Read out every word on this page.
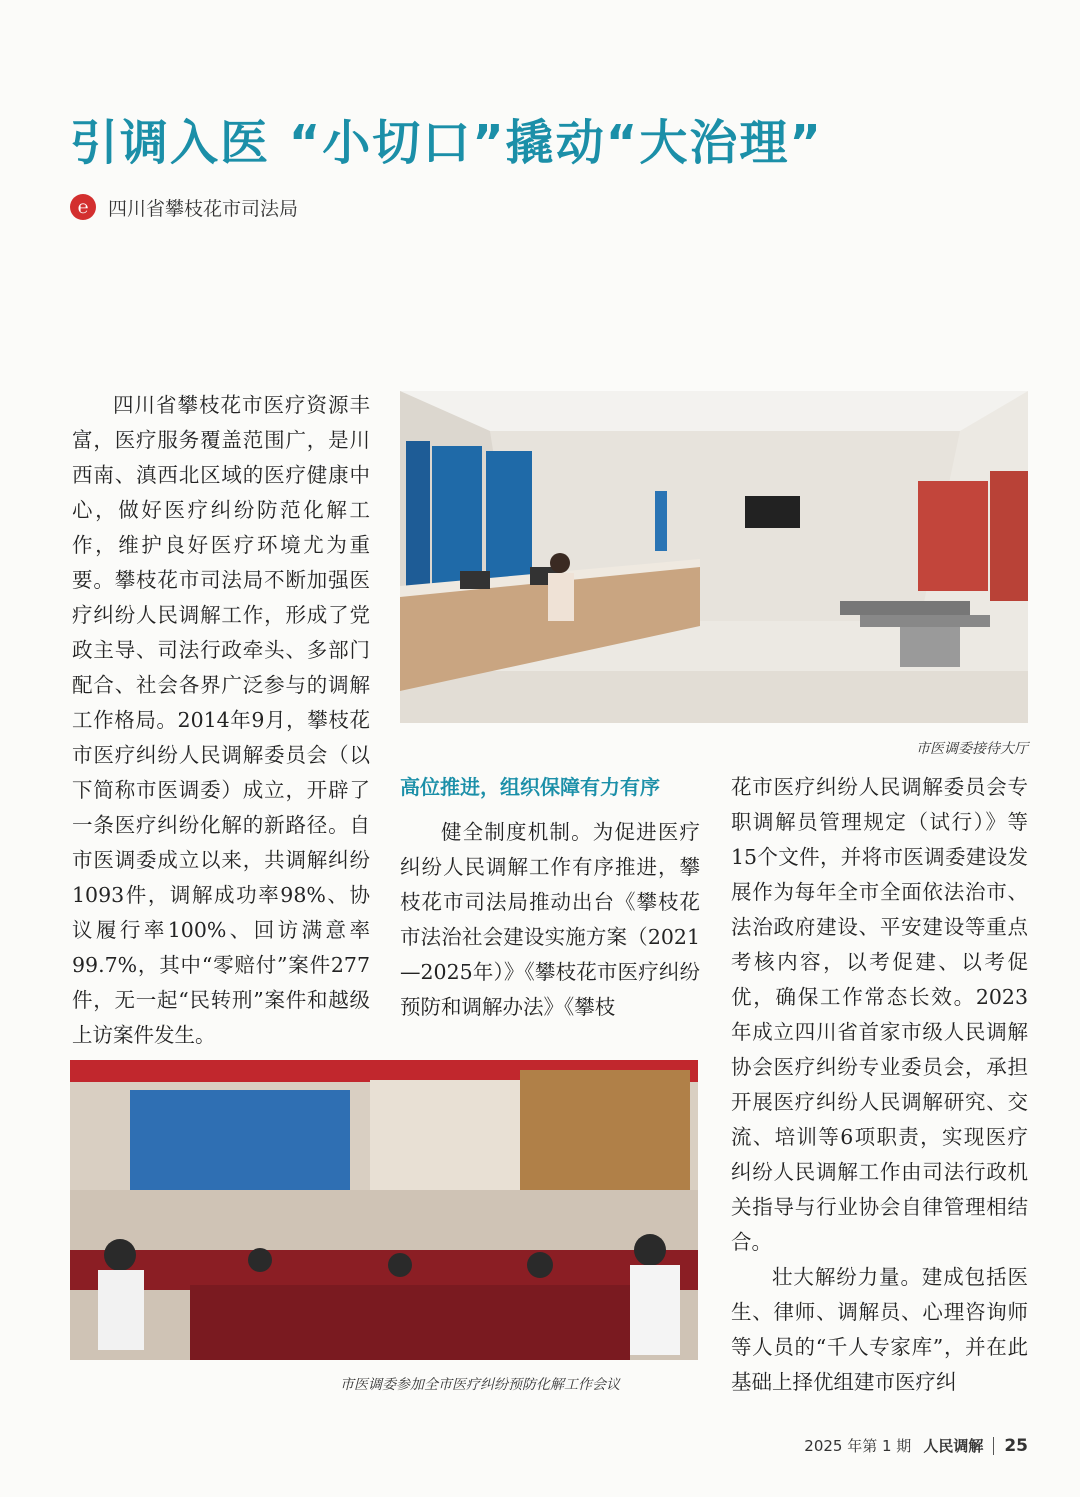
引调入医 “小切口”撬动“大治理”
℮	四川省攀枝花市司法局

四川省攀枝花市医疗资源丰富，医疗服务覆盖范围广，是川西南、滇西北区域的医疗健康中心，做好医疗纠纷防范化解工作，维护良好医疗环境尤为重要。攀枝花市司法局不断加强医疗纠纷人民调解工作，形成了党政主导、司法行政牵头、多部门配合、社会各界广泛参与的调解工作格局。2014年9月，攀枝花市医疗纠纷人民调解委员会（以下简称市医调委）成立，开辟了一条医疗纠纷化解的新路径。自市医调委成立以来，共调解纠纷1093件，调解成功率98%、协议履行率100%、回访满意率99.7%，其中“零赔付”案件277件，无一起“民转刑”案件和越级上访案件发生。

市医调委接待大厅
高位推进，组织保障有力有序

健全制度机制。为促进医疗纠纷人民调解工作有序推进，攀枝花市司法局推动出台《攀枝花市法治社会建设实施方案（2021—2025年）》《攀枝花市医疗纠纷预防和调解办法》《攀枝

花市医疗纠纷人民调解委员会专职调解员管理规定（试行）》等15个文件，并将市医调委建设发展作为每年全市全面依法治市、法治政府建设、平安建设等重点考核内容，以考促建、以考促优，确保工作常态长效。2023年成立四川省首家市级人民调解协会医疗纠纷专业委员会，承担开展医疗纠纷人民调解研究、交流、培训等6项职责，实现医疗纠纷人民调解工作由司法行政机关指导与行业协会自律管理相结合。

壮大解纷力量。建成包括医生、律师、调解员、心理咨询师等人员的“千人专家库”，并在此基础上择优组建市医疗纠

市医调委参加全市医疗纠纷预防化解工作会议
2025 年第 1 期 人民调解 25
